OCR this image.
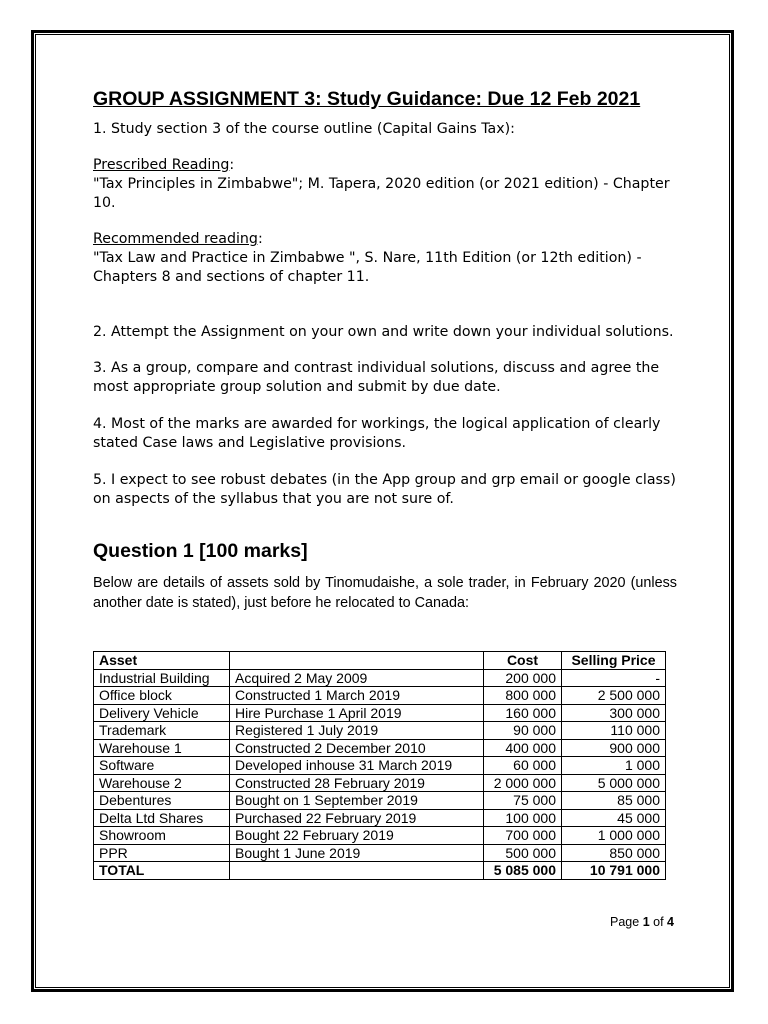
GROUP ASSIGNMENT 3: Study Guidance: Due 12 Feb 2021

1. Study section 3 of the course outline (Capital Gains Tax):

Prescribed Reading:

"Tax Principles in Zimbabwe"; M. Tapera, 2020 edition (or 2021 edition) - Chapter 10.

Recommended reading:

"Tax Law and Practice in Zimbabwe ", S. Nare, 11th Edition (or 12th edition) - Chapters 8 and sections of chapter 11.

2. Attempt the Assignment on your own and write down your individual solutions.

3. As a group, compare and contrast individual solutions, discuss and agree the most appropriate group solution and submit by due date.

4. Most of the marks are awarded for workings, the logical application of clearly stated Case laws and Legislative provisions.

5. I expect to see robust debates (in the App group and grp email or google class) on aspects of the syllabus that you are not sure of.

Question 1 [100 marks]

Below are details of assets sold by Tinomudaishe, a sole trader, in February 2020 (unless another date is stated), just before he relocated to Canada:

Asset		Cost	Selling Price
Industrial Building	Acquired 2 May 2009	200 000	-
Office block	Constructed 1 March 2019	800 000	2 500 000
Delivery Vehicle	Hire Purchase 1 April 2019	160 000	300 000
Trademark	Registered 1 July 2019	90 000	110 000
Warehouse 1	Constructed 2 December 2010	400 000	900 000
Software	Developed inhouse 31 March 2019	60 000	1 000
Warehouse 2	Constructed 28 February 2019	2 000 000	5 000 000
Debentures	Bought on 1 September 2019	75 000	85 000
Delta Ltd Shares	Purchased 22 February 2019	100 000	45 000
Showroom	Bought 22 February 2019	700 000	1 000 000
PPR	Bought 1 June 2019	500 000	850 000
TOTAL		5 085 000	10 791 000
Page 1 of 4
